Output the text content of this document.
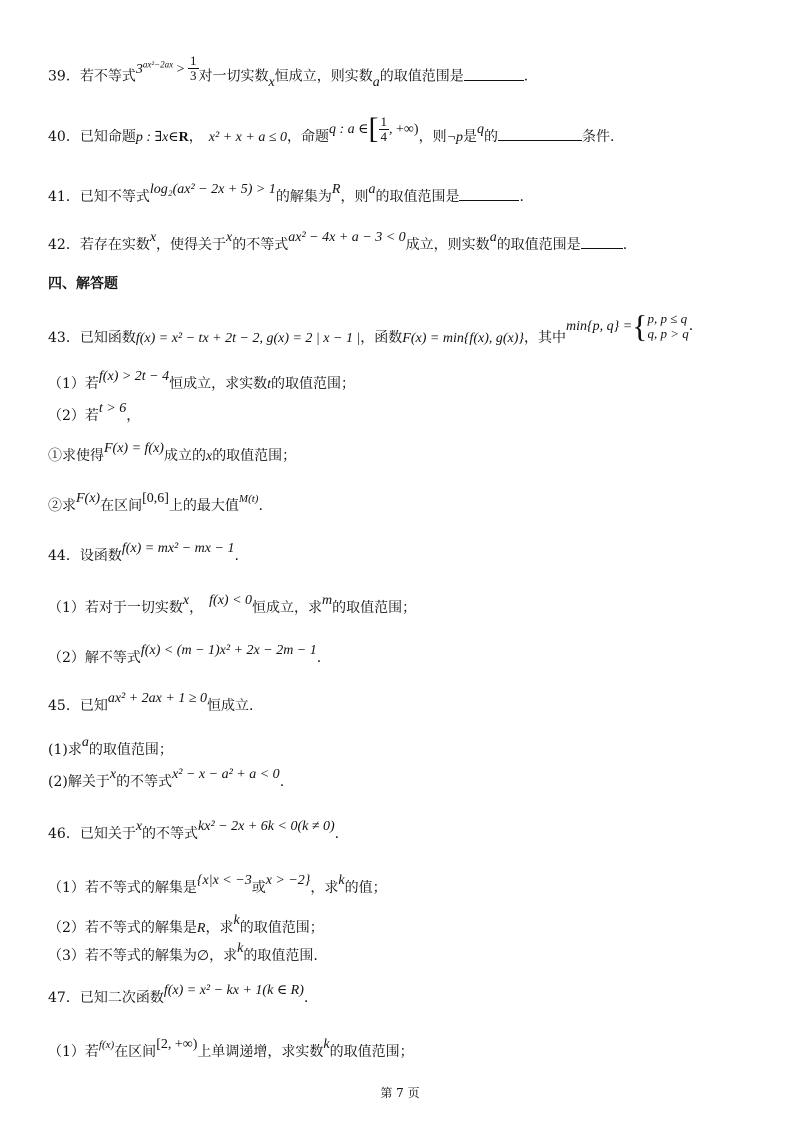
39．若不等式$3^{ax^2-2ax} > \frac{1}{3}$ 对一切实数x恒成立，则实数a的取值范围是	.
40．已知命题p : ∃x∈R， x² + x + a ≤ 0，命题q : a ∈[ $\frac{1}{4}$ , +∞)，则¬p是q的	条件.
41．已知不等式log₂(ax² − 2x + 5) > 1的解集为R，则a的取值范围是	.
42．若存在实数x，使得关于x的不等式ax² − 4x + a − 3 < 0成立，则实数a的取值范围是	.
四、解答题
43．已知函数f(x) = x² − tx + 2t − 2, g(x) = 2 | x − 1 |，函数F(x) = min{f(x), g(x)}，其中min{p, q} ={ p, p ≤ q
q, p > q .
（1）若f(x) > 2t − 4恒成立，求实数t的取值范围；
（2）若t > 6，
①求使得F(x) = f(x)成立的x的取值范围；
②求F(x)在区间[0,6]上的最大值$^{M(t)}$.
44．设函数f(x) = mx² − mx − 1.
（1）若对于一切实数x， f(x) < 0恒成立，求m的取值范围；
（2）解不等式f(x) < (m − 1)x² + 2x − 2m − 1.
45．已知ax² + 2ax + 1 ≥ 0恒成立.
(1)求a的取值范围；
(2)解关于x的不等式x² − x − a² + a < 0.
46．已知关于x的不等式kx² − 2x + 6k < 0(k ≠ 0).
（1）若不等式的解集是{x|x < −3或x > −2}，求k的值；
（2）若不等式的解集是R，求k的取值范围；
（3）若不等式的解集为∅，求k的取值范围.
47．已知二次函数f(x) = x² − kx + 1(k ∈ R).
（1）若$^{f(x)}$在区间[2, +∞)上单调递增，求实数k的取值范围；
第 7 页
